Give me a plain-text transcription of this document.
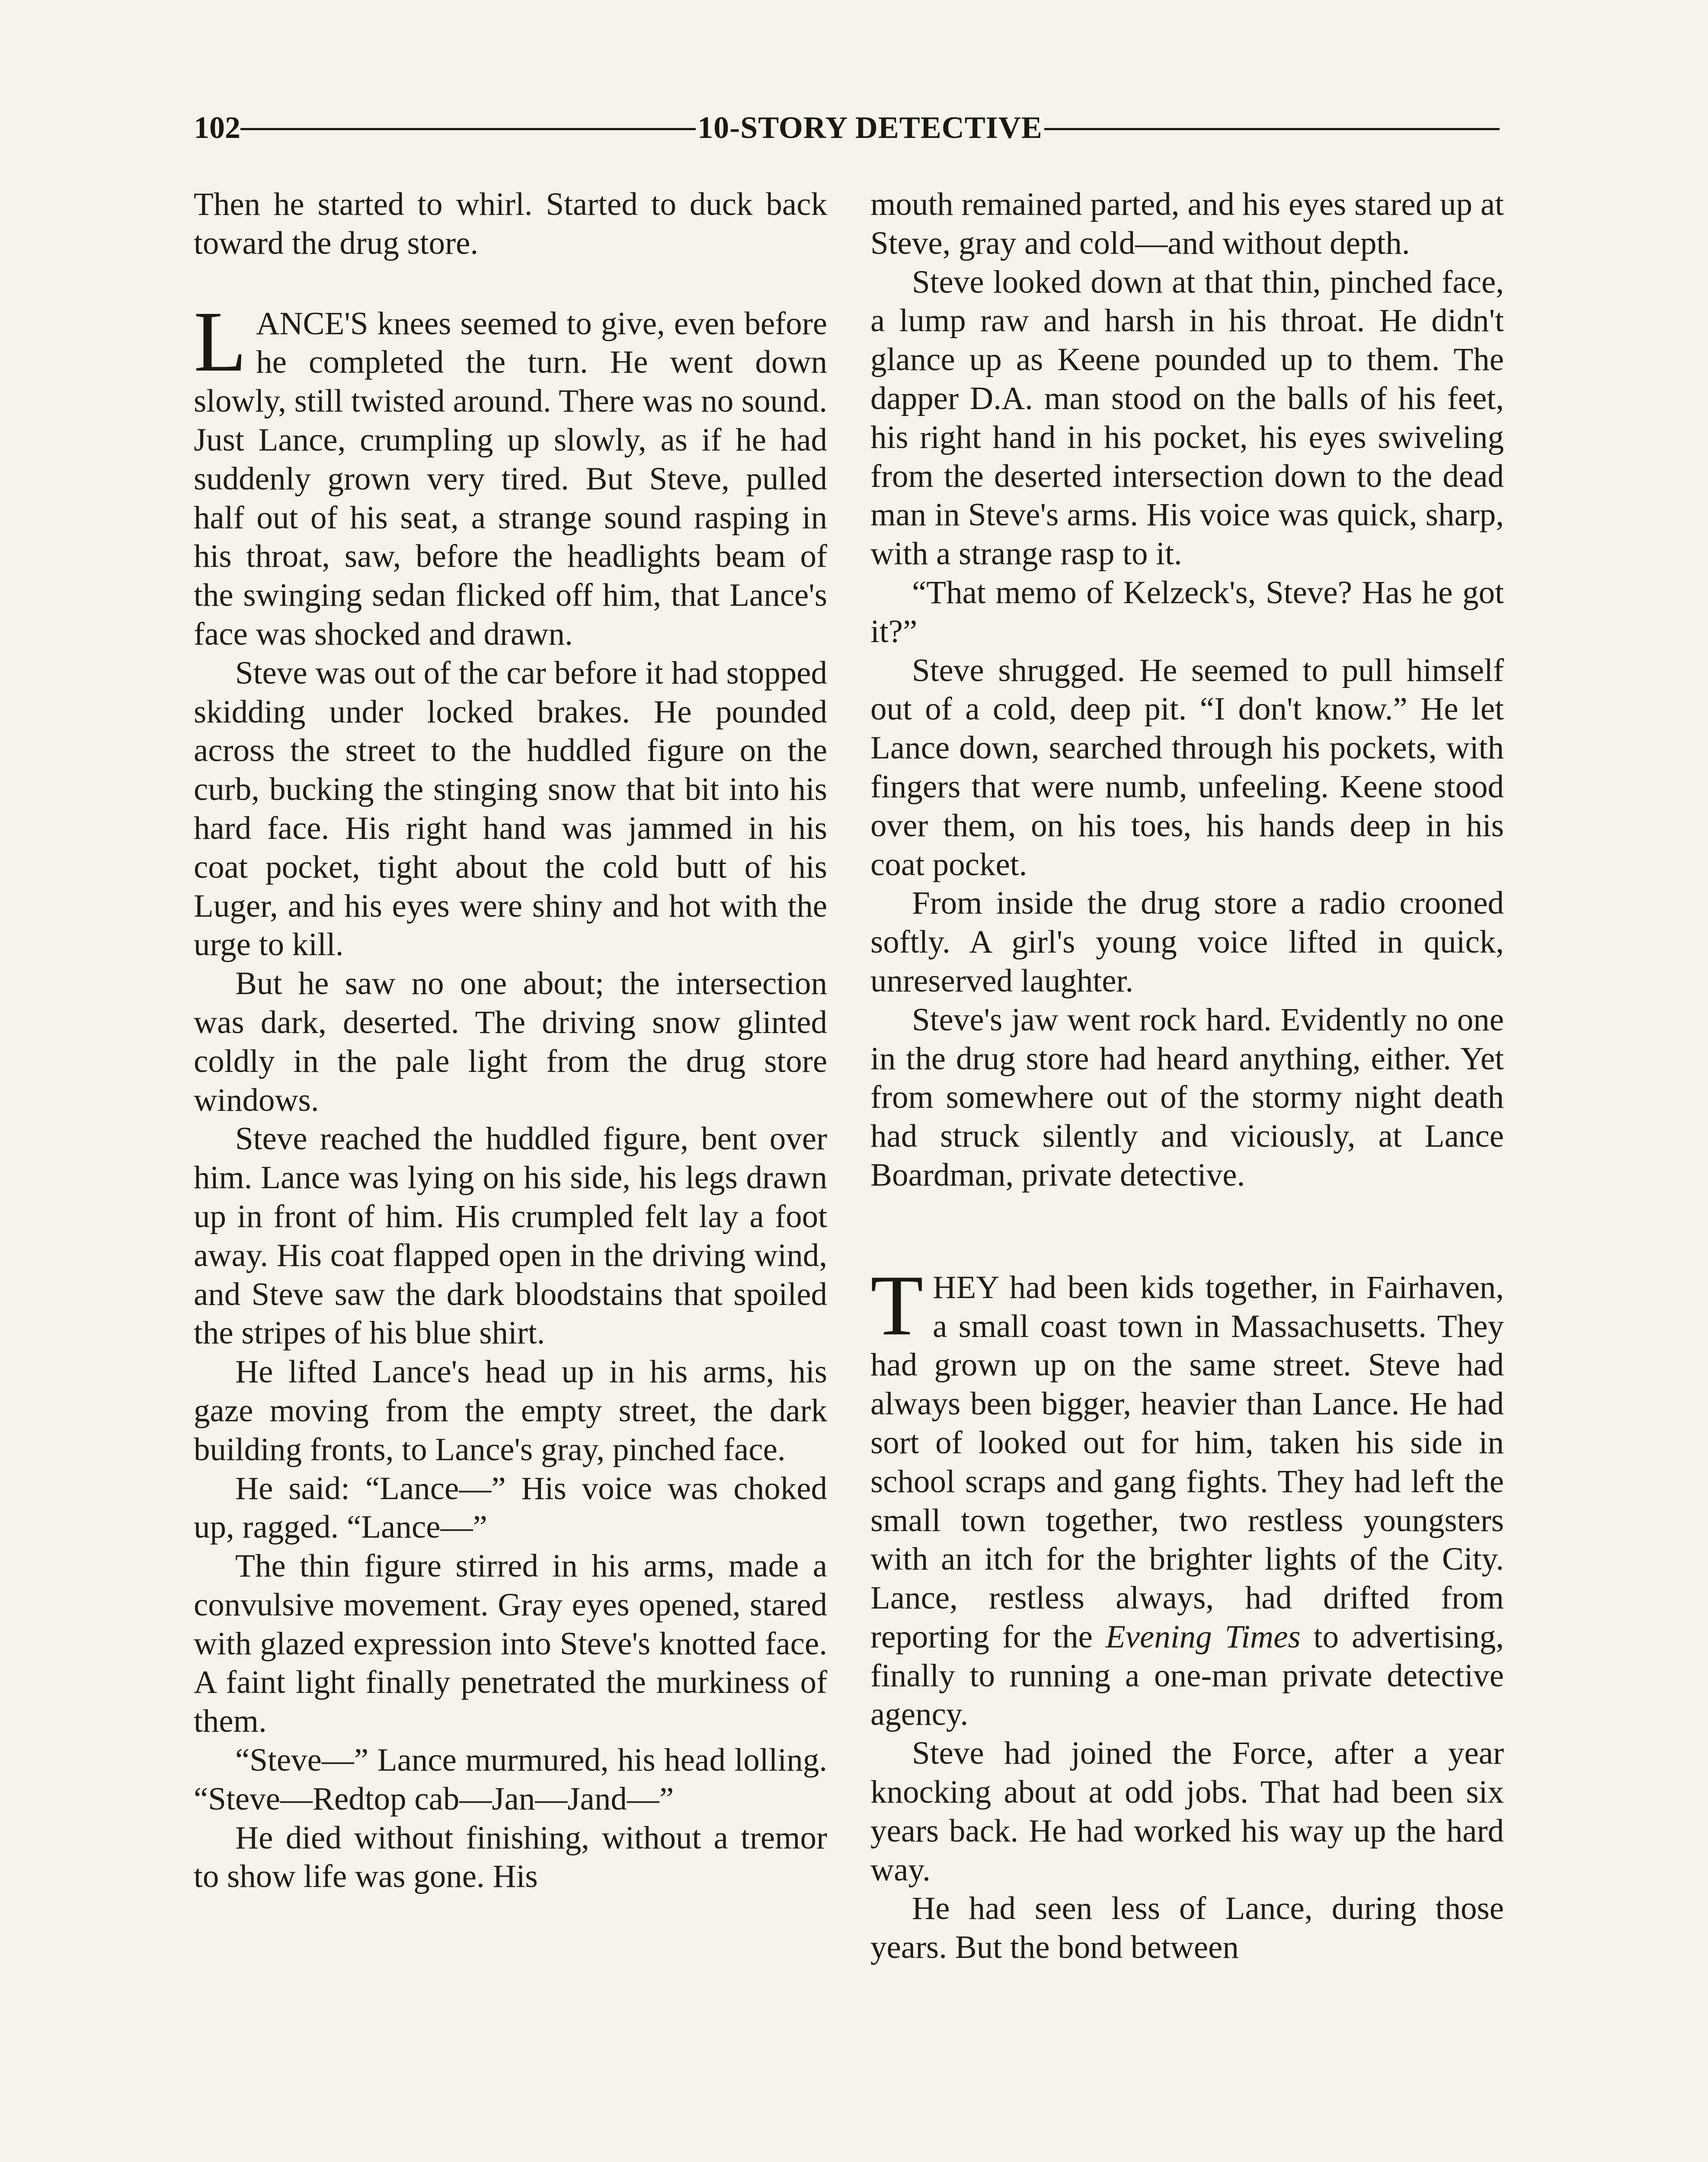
102	10-STORY DETECTIVE

Then he started to whirl. Started to duck back toward the drug store.

LANCE'S knees seemed to give, even before he completed the turn. He went down slowly, still twisted around. There was no sound. Just Lance, crumpling up slowly, as if he had suddenly grown very tired. But Steve, pulled half out of his seat, a strange sound rasping in his throat, saw, before the headlights beam of the swinging sedan flicked off him, that Lance's face was shocked and drawn.

Steve was out of the car before it had stopped skidding under locked brakes. He pounded across the street to the huddled figure on the curb, bucking the stinging snow that bit into his hard face. His right hand was jammed in his coat pocket, tight about the cold butt of his Luger, and his eyes were shiny and hot with the urge to kill.

But he saw no one about; the intersection was dark, deserted. The driving snow glinted coldly in the pale light from the drug store windows.

Steve reached the huddled figure, bent over him. Lance was lying on his side, his legs drawn up in front of him. His crumpled felt lay a foot away. His coat flapped open in the driving wind, and Steve saw the dark bloodstains that spoiled the stripes of his blue shirt.

He lifted Lance's head up in his arms, his gaze moving from the empty street, the dark building fronts, to Lance's gray, pinched face.

He said: “Lance—” His voice was choked up, ragged. “Lance—”

The thin figure stirred in his arms, made a convulsive movement. Gray eyes opened, stared with glazed expression into Steve's knotted face. A faint light finally penetrated the murkiness of them.

“Steve—” Lance murmured, his head lolling. “Steve—Redtop cab—Jan—Jand—”

He died without finishing, without a tremor to show life was gone. His

mouth remained parted, and his eyes stared up at Steve, gray and cold—and without depth.

Steve looked down at that thin, pinched face, a lump raw and harsh in his throat. He didn't glance up as Keene pounded up to them. The dapper D.A. man stood on the balls of his feet, his right hand in his pocket, his eyes swiveling from the deserted intersection down to the dead man in Steve's arms. His voice was quick, sharp, with a strange rasp to it.

“That memo of Kelzeck's, Steve? Has he got it?”

Steve shrugged. He seemed to pull himself out of a cold, deep pit. “I don't know.” He let Lance down, searched through his pockets, with fingers that were numb, unfeeling. Keene stood over them, on his toes, his hands deep in his coat pocket.

From inside the drug store a radio crooned softly. A girl's young voice lifted in quick, unreserved laughter.

Steve's jaw went rock hard. Evidently no one in the drug store had heard anything, either. Yet from somewhere out of the stormy night death had struck silently and viciously, at Lance Boardman, private detective.

THEY had been kids together, in Fairhaven, a small coast town in Massachusetts. They had grown up on the same street. Steve had always been bigger, heavier than Lance. He had sort of looked out for him, taken his side in school scraps and gang fights. They had left the small town together, two restless youngsters with an itch for the brighter lights of the City. Lance, restless always, had drifted from reporting for the Evening Times to advertising, finally to running a one-man private detective agency.

Steve had joined the Force, after a year knocking about at odd jobs. That had been six years back. He had worked his way up the hard way.

He had seen less of Lance, during those years. But the bond between
